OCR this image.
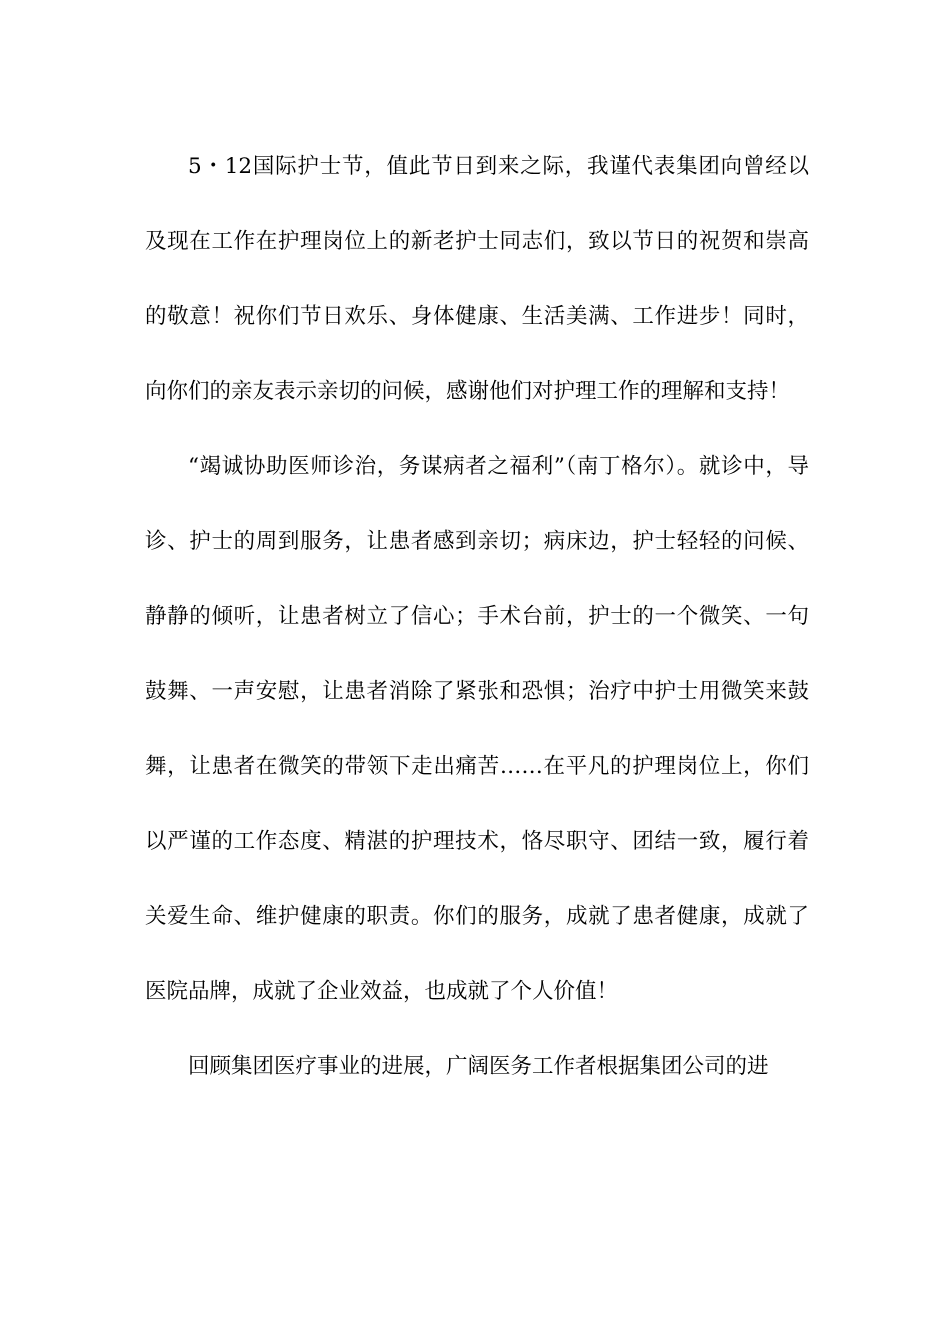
5・12国际护士节，值此节日到来之际，我谨代表集团向曾经以及现在工作在护理岗位上的新老护士同志们，致以节日的祝贺和崇高的敬意！祝你们节日欢乐、身体健康、生活美满、工作进步！同时，向你们的亲友表示亲切的问候，感谢他们对护理工作的理解和支持！

“竭诚协助医师诊治，务谋病者之福利”（南丁格尔）。就诊中，导诊、护士的周到服务，让患者感到亲切；病床边，护士轻轻的问候、静静的倾听，让患者树立了信心；手术台前，护士的一个微笑、一句鼓舞、一声安慰，让患者消除了紧张和恐惧；治疗中护士用微笑来鼓舞，让患者在微笑的带领下走出痛苦……在平凡的护理岗位上，你们以严谨的工作态度、精湛的护理技术，恪尽职守、团结一致，履行着关爱生命、维护健康的职责。你们的服务，成就了患者健康，成就了医院品牌，成就了企业效益，也成就了个人价值！

回顾集团医疗事业的进展，广阔医务工作者根据集团公司的进
